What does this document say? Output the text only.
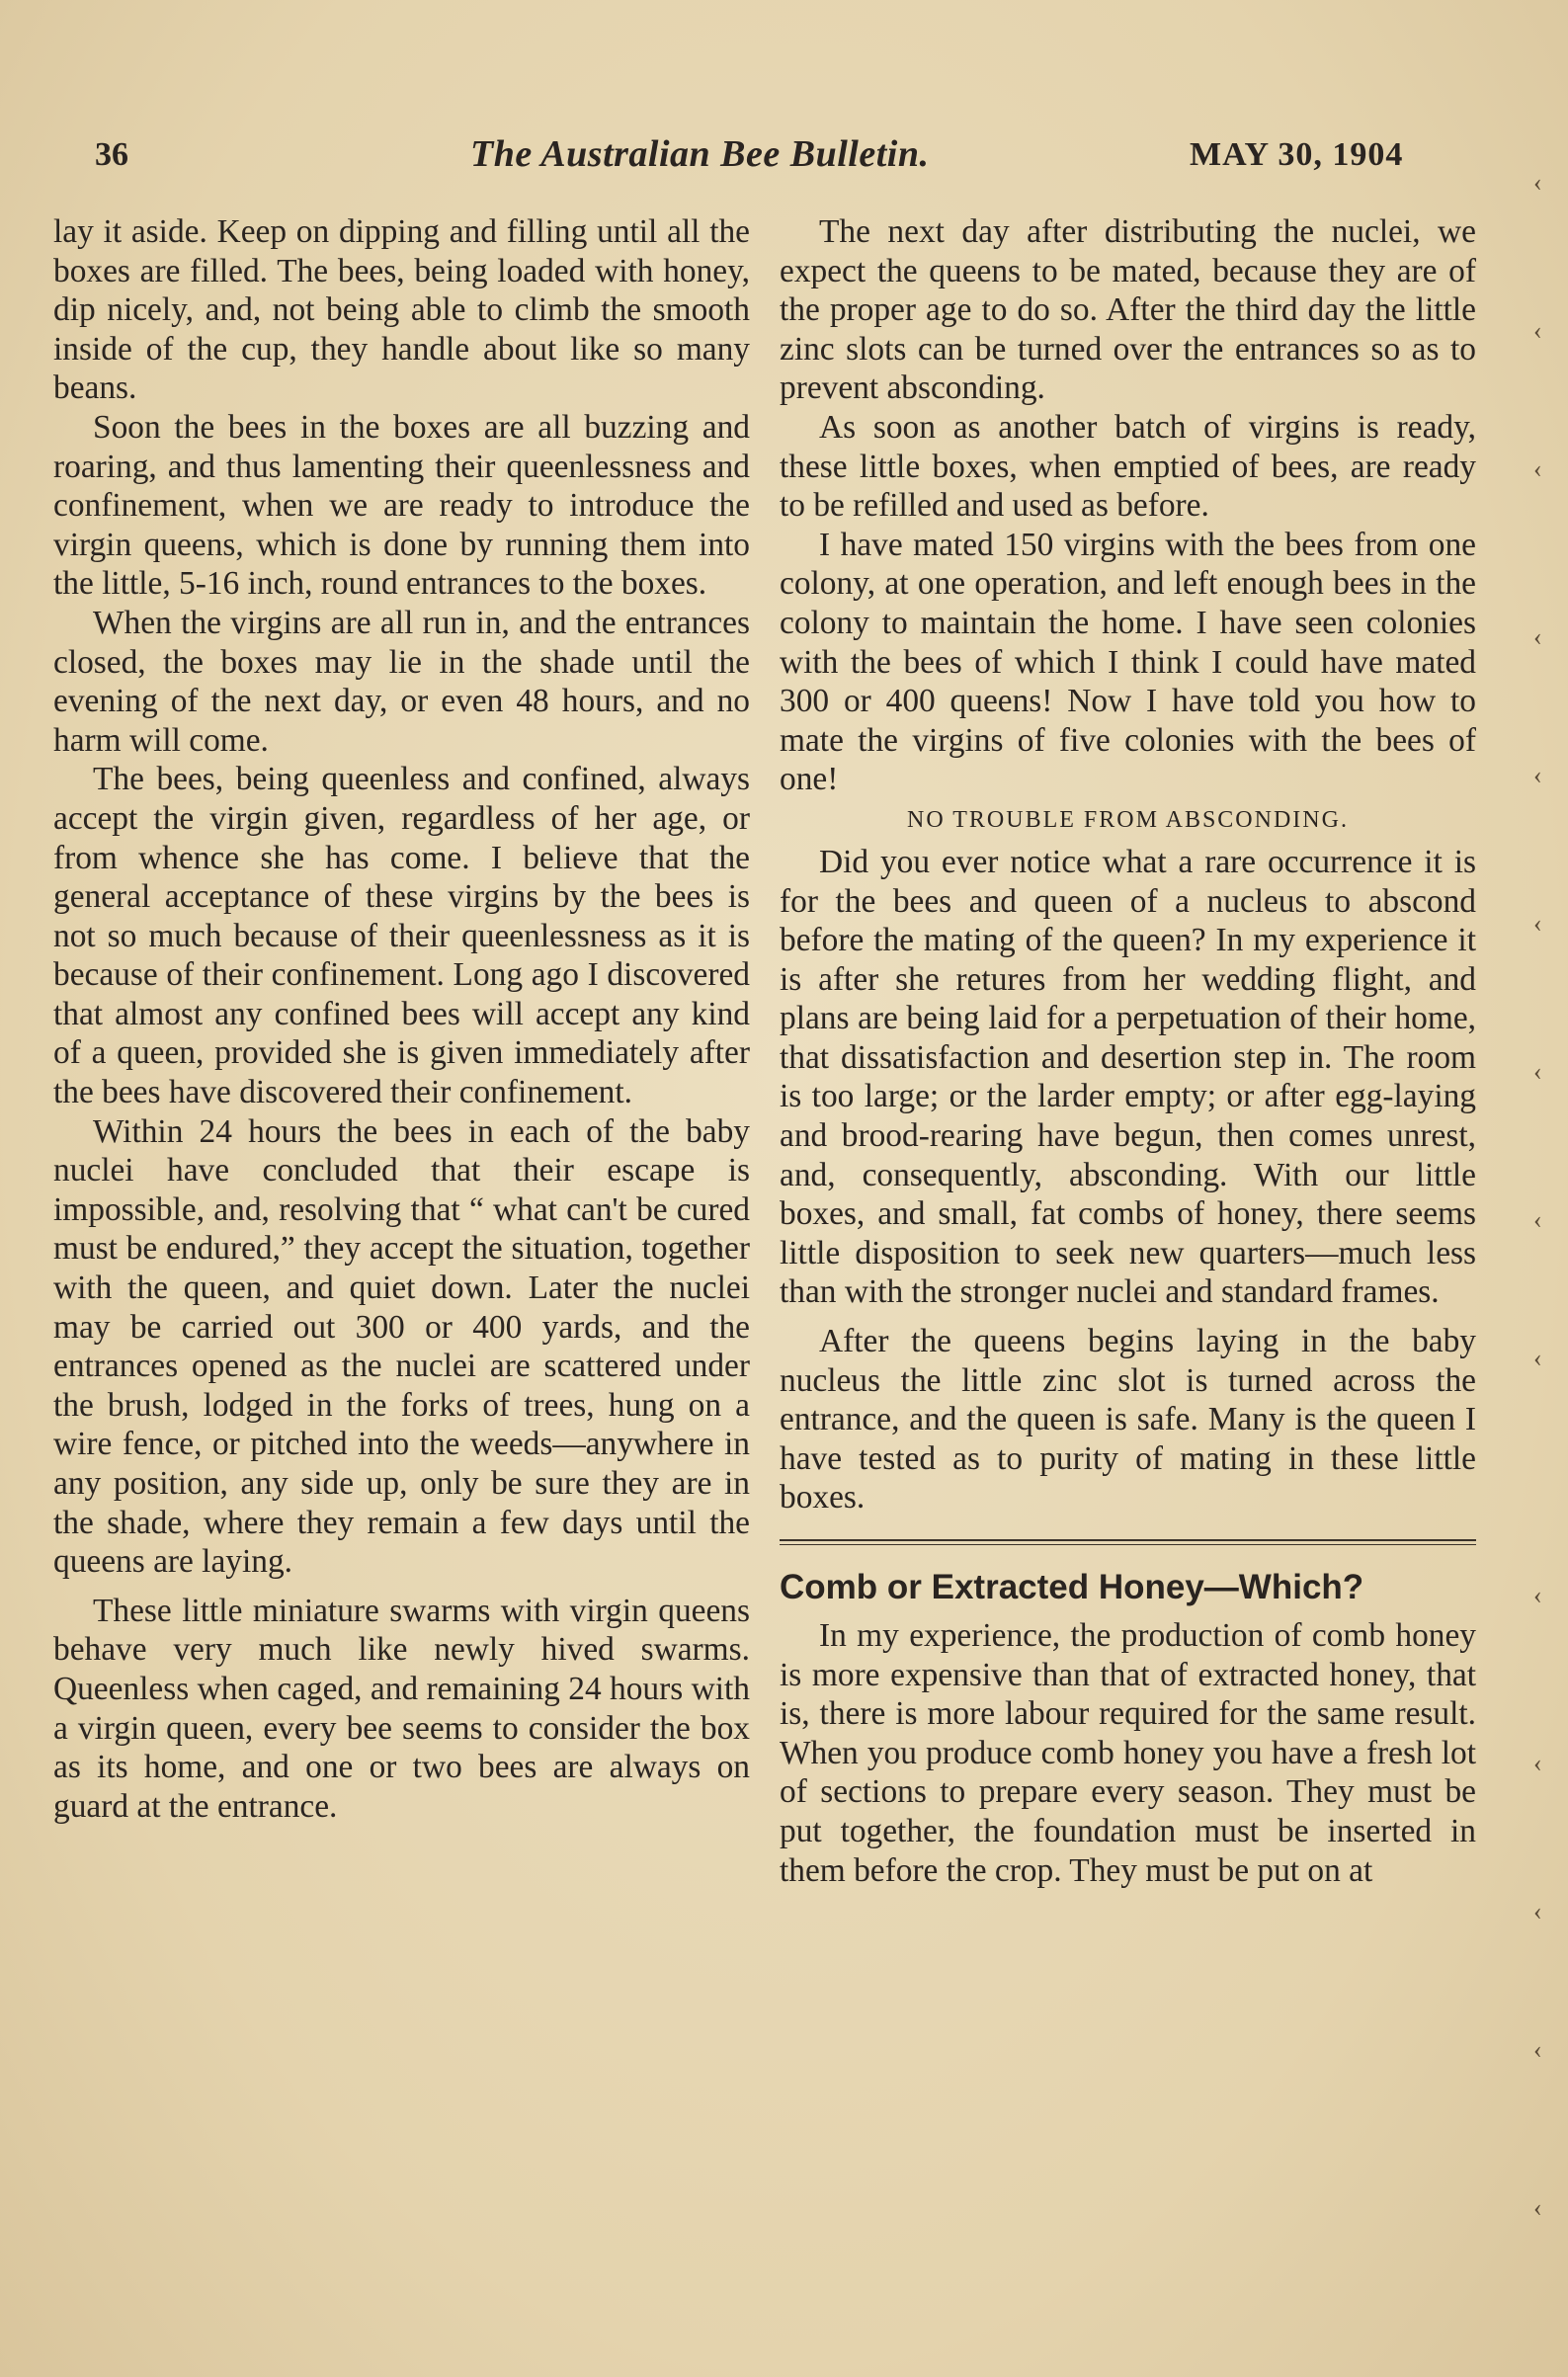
36	The Australian Bee Bulletin.	MAY 30, 1904

lay it aside. Keep on dipping and filling until all the boxes are filled. The bees, being loaded with honey, dip nicely, and, not being able to climb the smooth inside of the cup, they handle about like so many beans.

Soon the bees in the boxes are all buzzing and roaring, and thus lamenting their queenlessness and confinement, when we are ready to introduce the virgin queens, which is done by running them into the little, 5-16 inch, round entrances to the boxes.

When the virgins are all run in, and the entrances closed, the boxes may lie in the shade until the evening of the next day, or even 48 hours, and no harm will come.

The bees, being queenless and confined, always accept the virgin given, regardless of her age, or from whence she has come. I believe that the general acceptance of these virgins by the bees is not so much because of their queenlessness as it is because of their confinement. Long ago I discovered that almost any confined bees will accept any kind of a queen, provided she is given immediately after the bees have discovered their confinement.

Within 24 hours the bees in each of the baby nuclei have concluded that their escape is impossible, and, resolving that “ what can't be cured must be endured,” they accept the situation, together with the queen, and quiet down. Later the nuclei may be carried out 300 or 400 yards, and the entrances opened as the nuclei are scattered under the brush, lodged in the forks of trees, hung on a wire fence, or pitched into the weeds—anywhere in any position, any side up, only be sure they are in the shade, where they remain a few days until the queens are laying.

These little miniature swarms with virgin queens behave very much like newly hived swarms. Queenless when caged, and remaining 24 hours with a virgin queen, every bee seems to consider the box as its home, and one or two bees are always on guard at the entrance.

The next day after distributing the nuclei, we expect the queens to be mated, because they are of the proper age to do so. After the third day the little zinc slots can be turned over the entrances so as to prevent absconding.

As soon as another batch of virgins is ready, these little boxes, when emptied of bees, are ready to be refilled and used as before.

I have mated 150 virgins with the bees from one colony, at one operation, and left enough bees in the colony to maintain the home. I have seen colonies with the bees of which I think I could have mated 300 or 400 queens! Now I have told you how to mate the virgins of five colonies with the bees of one!

NO TROUBLE FROM ABSCONDING.

Did you ever notice what a rare occurrence it is for the bees and queen of a nucleus to abscond before the mating of the queen? In my experience it is after she retures from her wedding flight, and plans are being laid for a perpetuation of their home, that dissatisfaction and desertion step in. The room is too large; or the larder empty; or after egg-laying and brood-rearing have begun, then comes unrest, and, consequently, absconding. With our little boxes, and small, fat combs of honey, there seems little disposition to seek new quarters—much less than with the stronger nuclei and standard frames.

After the queens begins laying in the baby nucleus the little zinc slot is turned across the entrance, and the queen is safe. Many is the queen I have tested as to purity of mating in these little boxes.

Comb or Extracted Honey—Which?

In my experience, the production of comb honey is more expensive than that of extracted honey, that is, there is more labour required for the same result. When you produce comb honey you have a fresh lot of sections to prepare every season. They must be put together, the foundation must be inserted in them before the crop. They must be put on at

‹
‹
‹
‹
‹
‹
‹
‹
‹
‹
‹
‹
‹
‹
